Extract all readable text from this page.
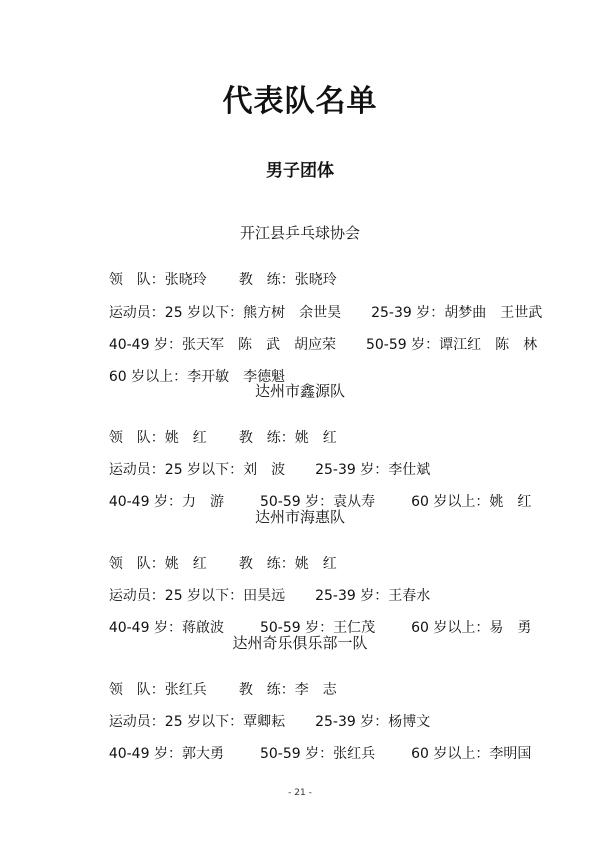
代表队名单
男子团体
开江县乒乓球协会

领　队：张晓玲 教　练：张晓玲

运动员：25 岁以下：熊方树　余世昊 25-39 岁：胡梦曲　王世武

40-49 岁：张天军　陈　武　胡应荣 50-59 岁：谭江红　陈　林

60 岁以上：李开敏　李德魁

达州市鑫源队

领　队：姚　红 教　练：姚　红

运动员：25 岁以下：刘　波 25-39 岁：李仕斌

40-49 岁：力　游	50-59 岁：袁从寿	60 岁以上：姚　红

达州市海惠队

领　队：姚　红 教　练：姚　红

运动员：25 岁以下：田昊远 25-39 岁：王春水

40-49 岁：蒋啟波	50-59 岁：王仁茂	60 岁以上：易　勇

达州奇乐俱乐部一队

领　队：张红兵 教　练：李　志

运动员：25 岁以下：覃卿耘 25-39 岁：杨博文

40-49 岁：郭大勇	50-59 岁：张红兵	60 岁以上：李明国

- 21 -
